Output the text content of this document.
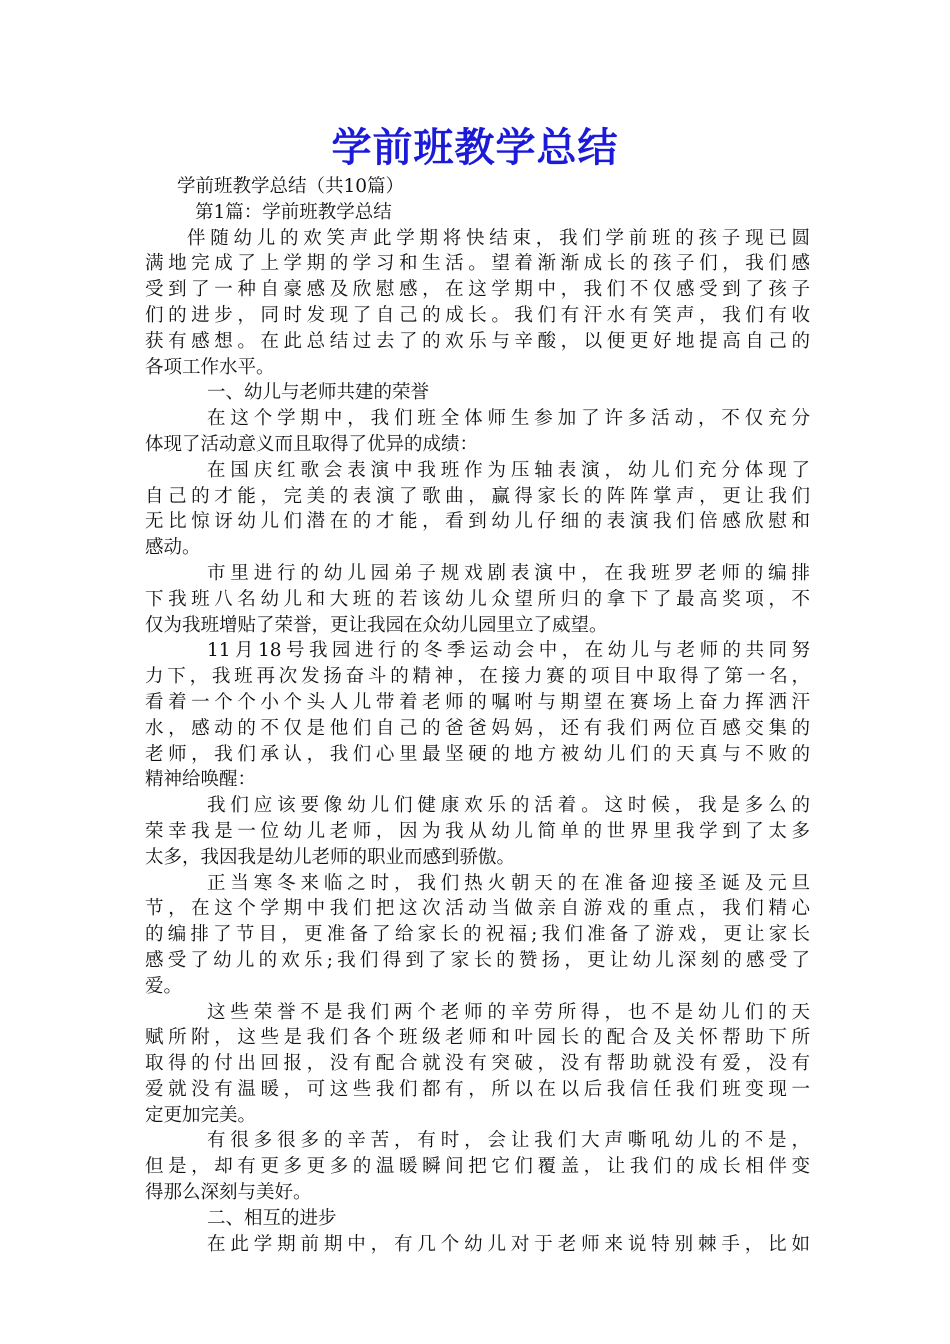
学前班教学总结
学前班教学总结（共10篇）
第1篇：学前班教学总结
伴随幼儿的欢笑声此学期将快结束，我们学前班的孩子现已圆
满地完成了上学期的学习和生活。望着渐渐成长的孩子们，我们感
受到了一种自豪感及欣慰感，在这学期中，我们不仅感受到了孩子
们的进步，同时发现了自己的成长。我们有汗水有笑声，我们有收
获有感想。在此总结过去了的欢乐与辛酸，以便更好地提高自己的
各项工作水平。
一、幼儿与老师共建的荣誉
在这个学期中，我们班全体师生参加了许多活动，不仅充分
体现了活动意义而且取得了优异的成绩：
在国庆红歌会表演中我班作为压轴表演，幼儿们充分体现了
自己的才能，完美的表演了歌曲，赢得家长的阵阵掌声，更让我们
无比惊讶幼儿们潜在的才能，看到幼儿仔细的表演我们倍感欣慰和
感动。
市里进行的幼儿园弟子规戏剧表演中，在我班罗老师的编排
下我班八名幼儿和大班的若该幼儿众望所归的拿下了最高奖项，不
仅为我班增贴了荣誉，更让我园在众幼儿园里立了威望。
11月18号我园进行的冬季运动会中，在幼儿与老师的共同努
力下，我班再次发扬奋斗的精神，在接力赛的项目中取得了第一名，
看着一个个小个头人儿带着老师的嘱咐与期望在赛场上奋力挥洒汗
水，感动的不仅是他们自己的爸爸妈妈，还有我们两位百感交集的
老师，我们承认，我们心里最坚硬的地方被幼儿们的天真与不败的
精神给唤醒：
我们应该要像幼儿们健康欢乐的活着。这时候，我是多么的
荣幸我是一位幼儿老师，因为我从幼儿简单的世界里我学到了太多
太多，我因我是幼儿老师的职业而感到骄傲。
正当寒冬来临之时，我们热火朝天的在准备迎接圣诞及元旦
节，在这个学期中我们把这次活动当做亲自游戏的重点，我们精心
的编排了节目，更准备了给家长的祝福;我们准备了游戏，更让家长
感受了幼儿的欢乐;我们得到了家长的赞扬，更让幼儿深刻的感受了
爱。
这些荣誉不是我们两个老师的辛劳所得，也不是幼儿们的天
赋所附，这些是我们各个班级老师和叶园长的配合及关怀帮助下所
取得的付出回报，没有配合就没有突破，没有帮助就没有爱，没有
爱就没有温暖，可这些我们都有，所以在以后我信任我们班变现一
定更加完美。
有很多很多的辛苦，有时，会让我们大声嘶吼幼儿的不是，
但是，却有更多更多的温暖瞬间把它们覆盖，让我们的成长相伴变
得那么深刻与美好。
二、相互的进步
在此学期前期中，有几个幼儿对于老师来说特别棘手，比如
